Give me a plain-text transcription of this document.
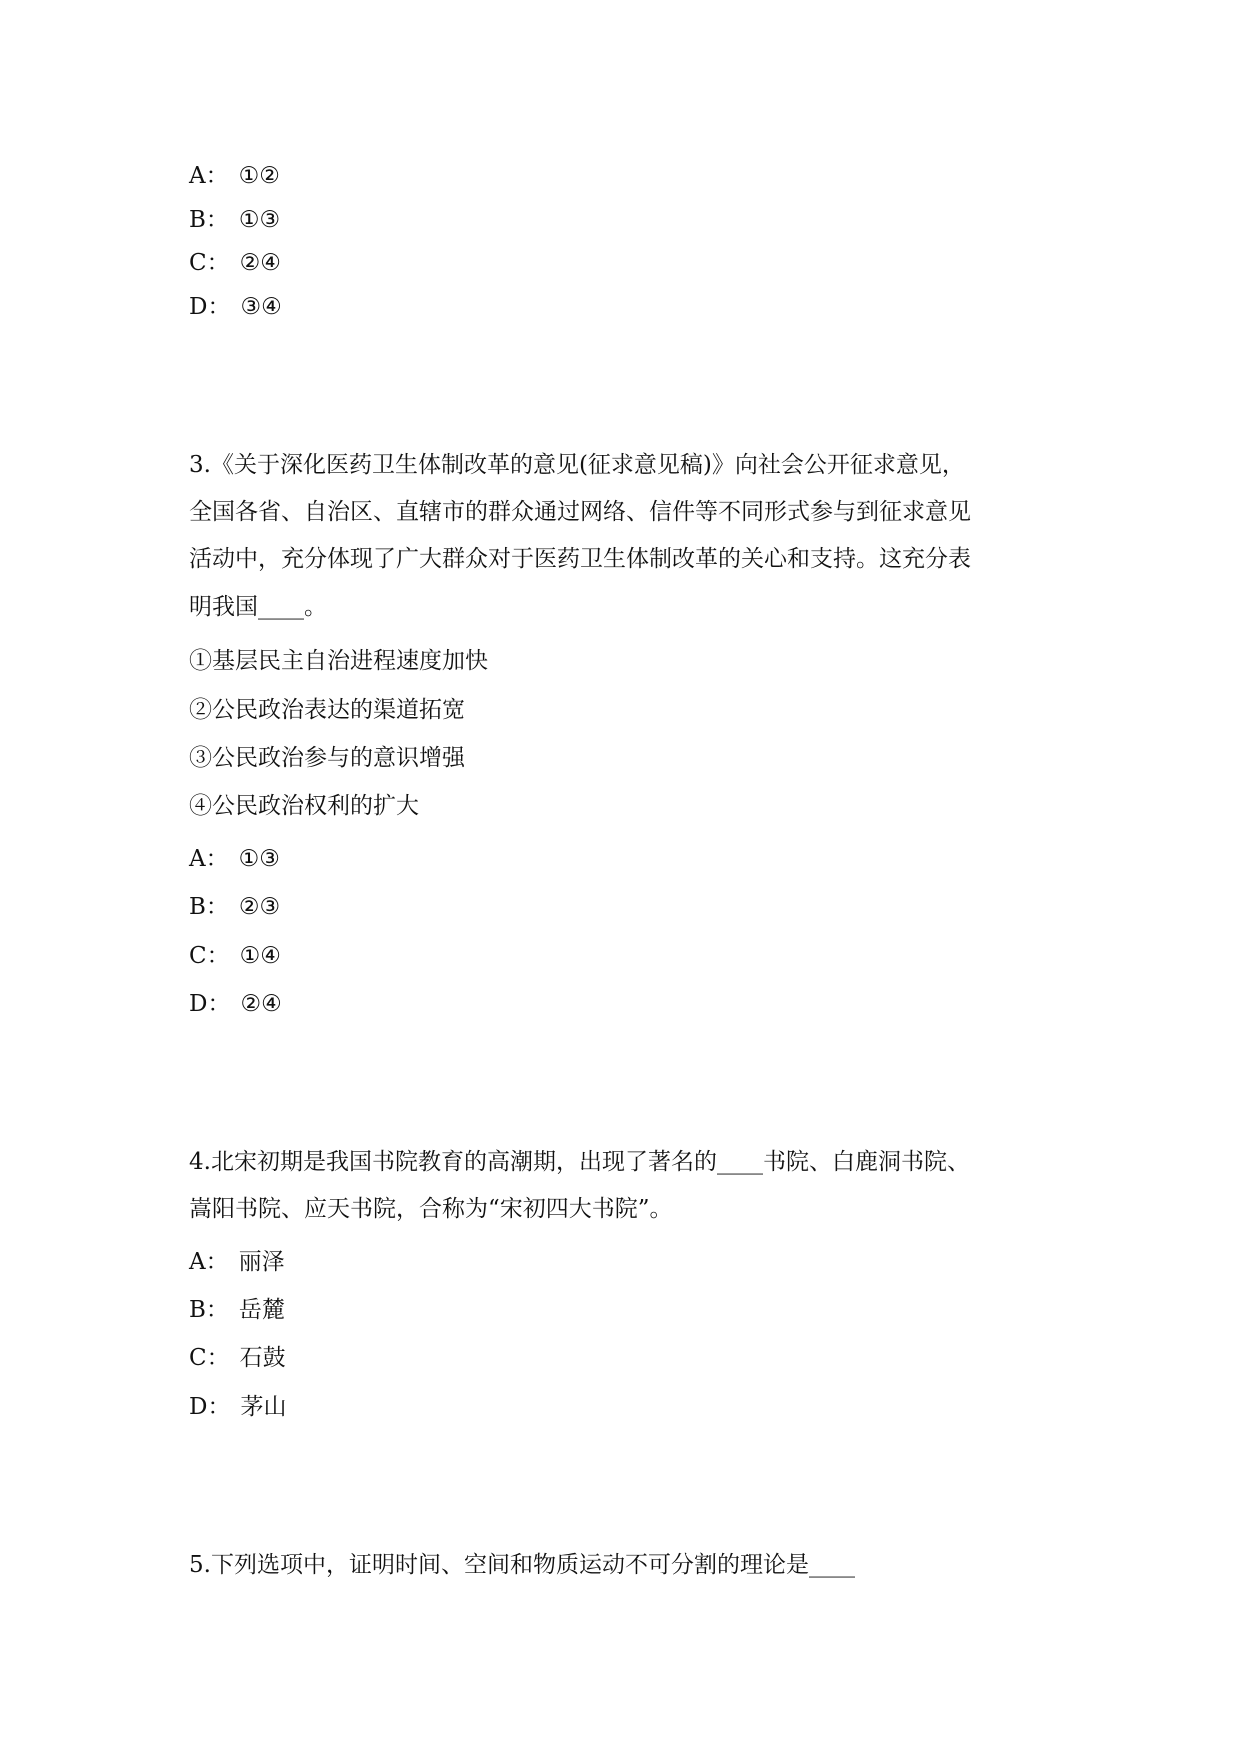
A： ①②
B： ①③
C： ②④
D： ③④
3.《关于深化医药卫生体制改革的意见(征求意见稿)》向社会公开征求意见，
全国各省、自治区、直辖市的群众通过网络、信件等不同形式参与到征求意见
活动中，充分体现了广大群众对于医药卫生体制改革的关心和支持。这充分表
明我国____。
①基层民主自治进程速度加快
②公民政治表达的渠道拓宽
③公民政治参与的意识增强
④公民政治权利的扩大
A： ①③
B： ②③
C： ①④
D： ②④
4.北宋初期是我国书院教育的高潮期，出现了著名的____书院、白鹿洞书院、
嵩阳书院、应天书院，合称为“宋初四大书院”。
A： 丽泽
B： 岳麓
C： 石鼓
D： 茅山
5.下列选项中，证明时间、空间和物质运动不可分割的理论是____
